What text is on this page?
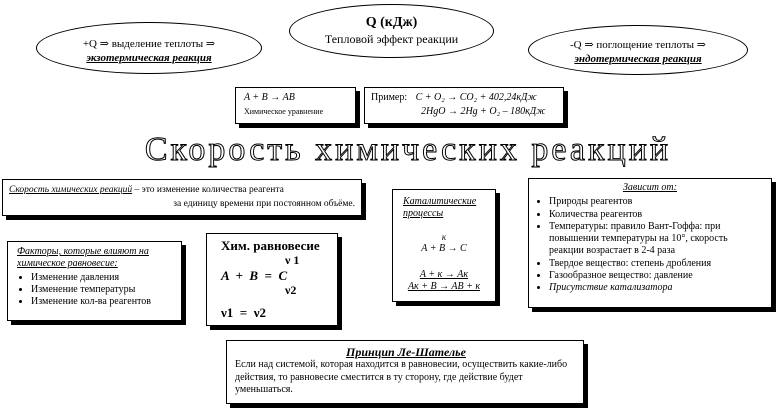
+Q ⇒ выделение теплоты ⇒
экзотермическая реакция
Q (кДж)
Тепловой эффект реакции	-Q ⇒ поглощение теплоты ⇒
эндотермическая реакция
A + B → AB
Химическое уравнение
Пример: C + O₂ → CO₂ + 402,24кДж
2HgO → 2Hg + O₂ – 180кДж
Скорость химических реакций
Скорость химических реакций – это изменение количества реагента
за единицу времени при постоянном объёме.	Каталитические процессы
к
A + B → C
A + к → Aк
Aк + B → AB + к
Зависит от:
• Природы реагентов
• Количества реагентов
• Температуры: правило Вант-Гоффа: при повышении температуры на 10°, скорость реакции возрастает в 2-4 раза
• Твердое вещество: степень дробления
• Газообразное вещество: давление
• Присутствие катализатора
Факторы, которые влияют на химическое равновесие:
• Изменение давления
• Изменение температуры
• Изменение кол-ва реагентов
Хим. равновесие
ν 1
A  +  B  =  C
ν2
ν1  =  ν2
Принцип Ле-Шателье
Если над системой, которая находится в равновесии, осуществить какие-либо действия, то равновесие сместится в ту сторону, где действие будет уменьшаться.
